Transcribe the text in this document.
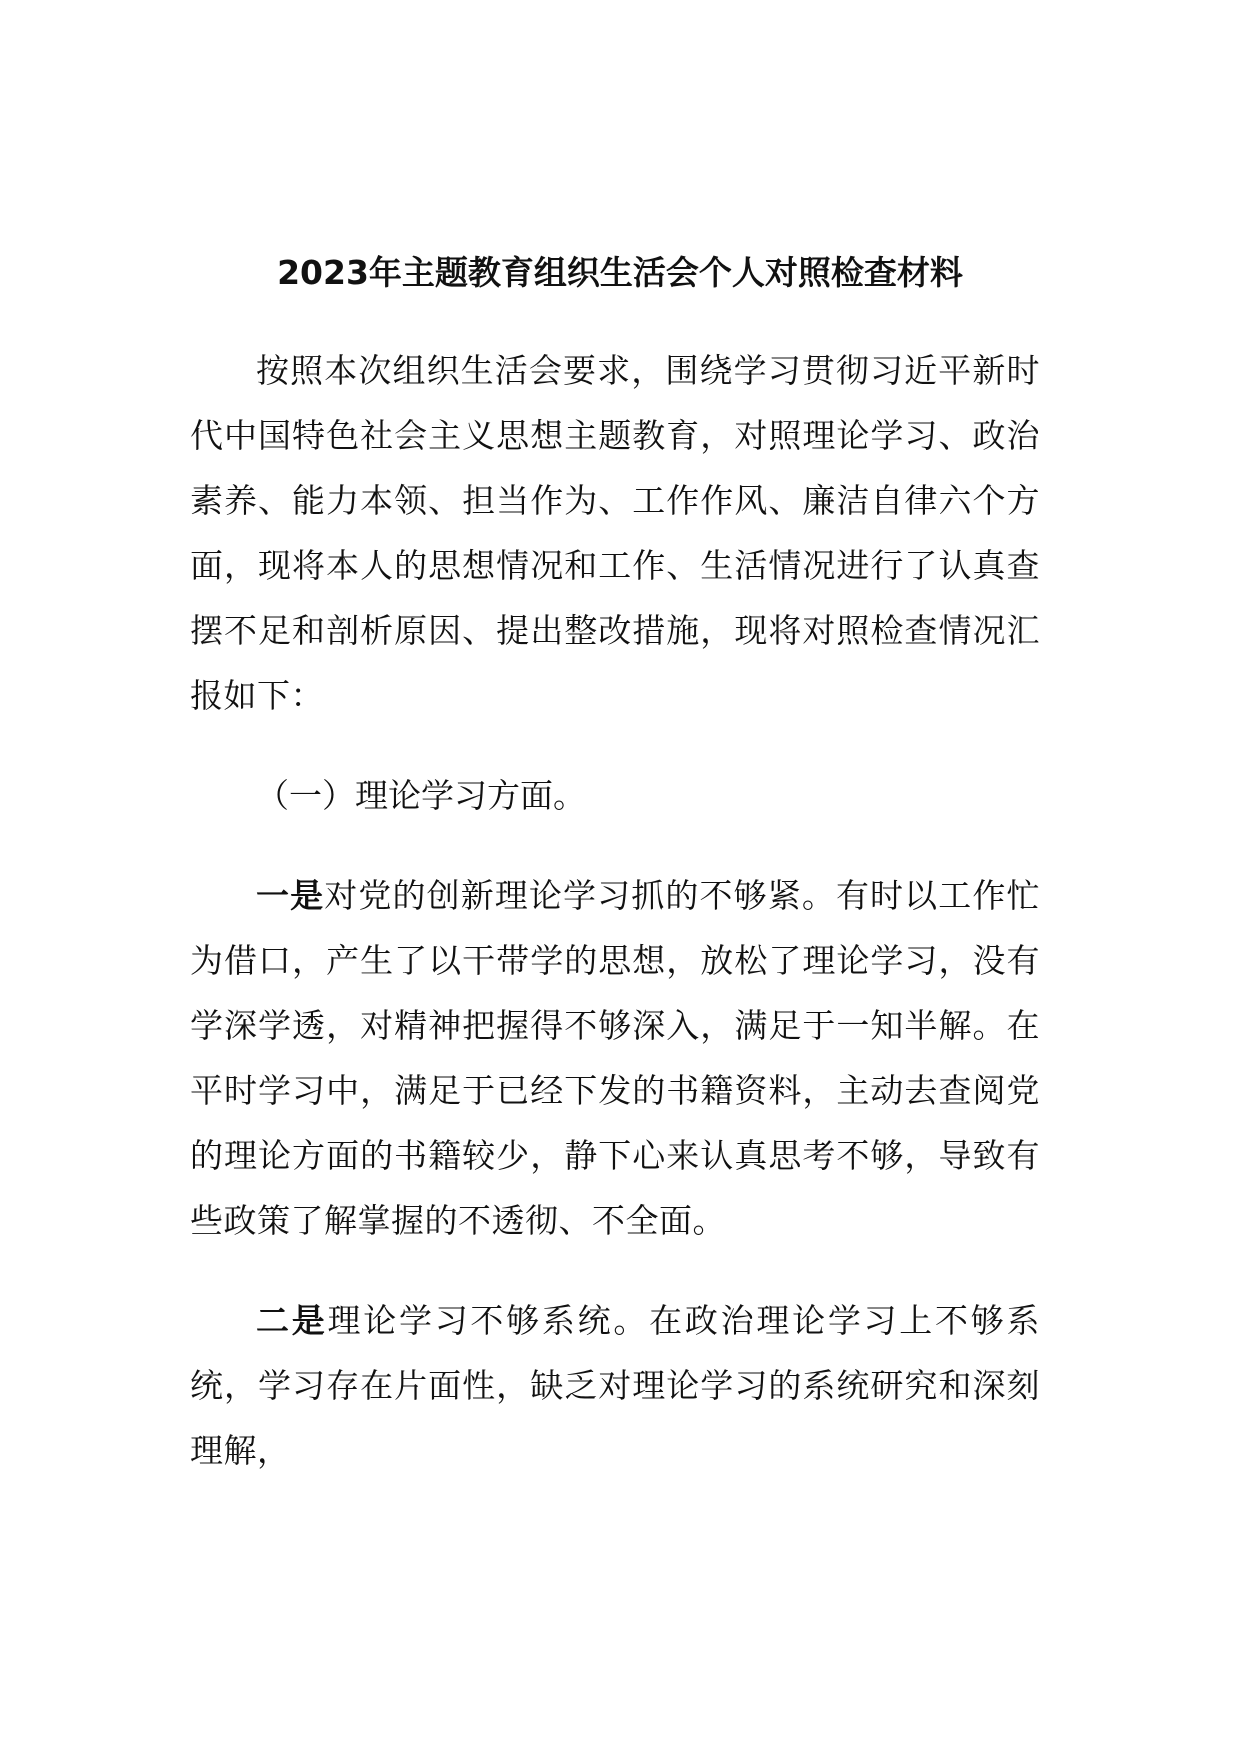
2023年主题教育组织生活会个人对照检查材料

按照本次组织生活会要求，围绕学习贯彻习近平新时代中国特色社会主义思想主题教育，对照理论学习、政治素养、能力本领、担当作为、工作作风、廉洁自律六个方面，现将本人的思想情况和工作、生活情况进行了认真查摆不足和剖析原因、提出整改措施，现将对照检查情况汇报如下：

（一）理论学习方面。

一是对党的创新理论学习抓的不够紧。有时以工作忙为借口，产生了以干带学的思想，放松了理论学习，没有学深学透，对精神把握得不够深入，满足于一知半解。在平时学习中，满足于已经下发的书籍资料，主动去查阅党的理论方面的书籍较少，静下心来认真思考不够，导致有些政策了解掌握的不透彻、不全面。

二是理论学习不够系统。在政治理论学习上不够系统，学习存在片面性，缺乏对理论学习的系统研究和深刻理解，
